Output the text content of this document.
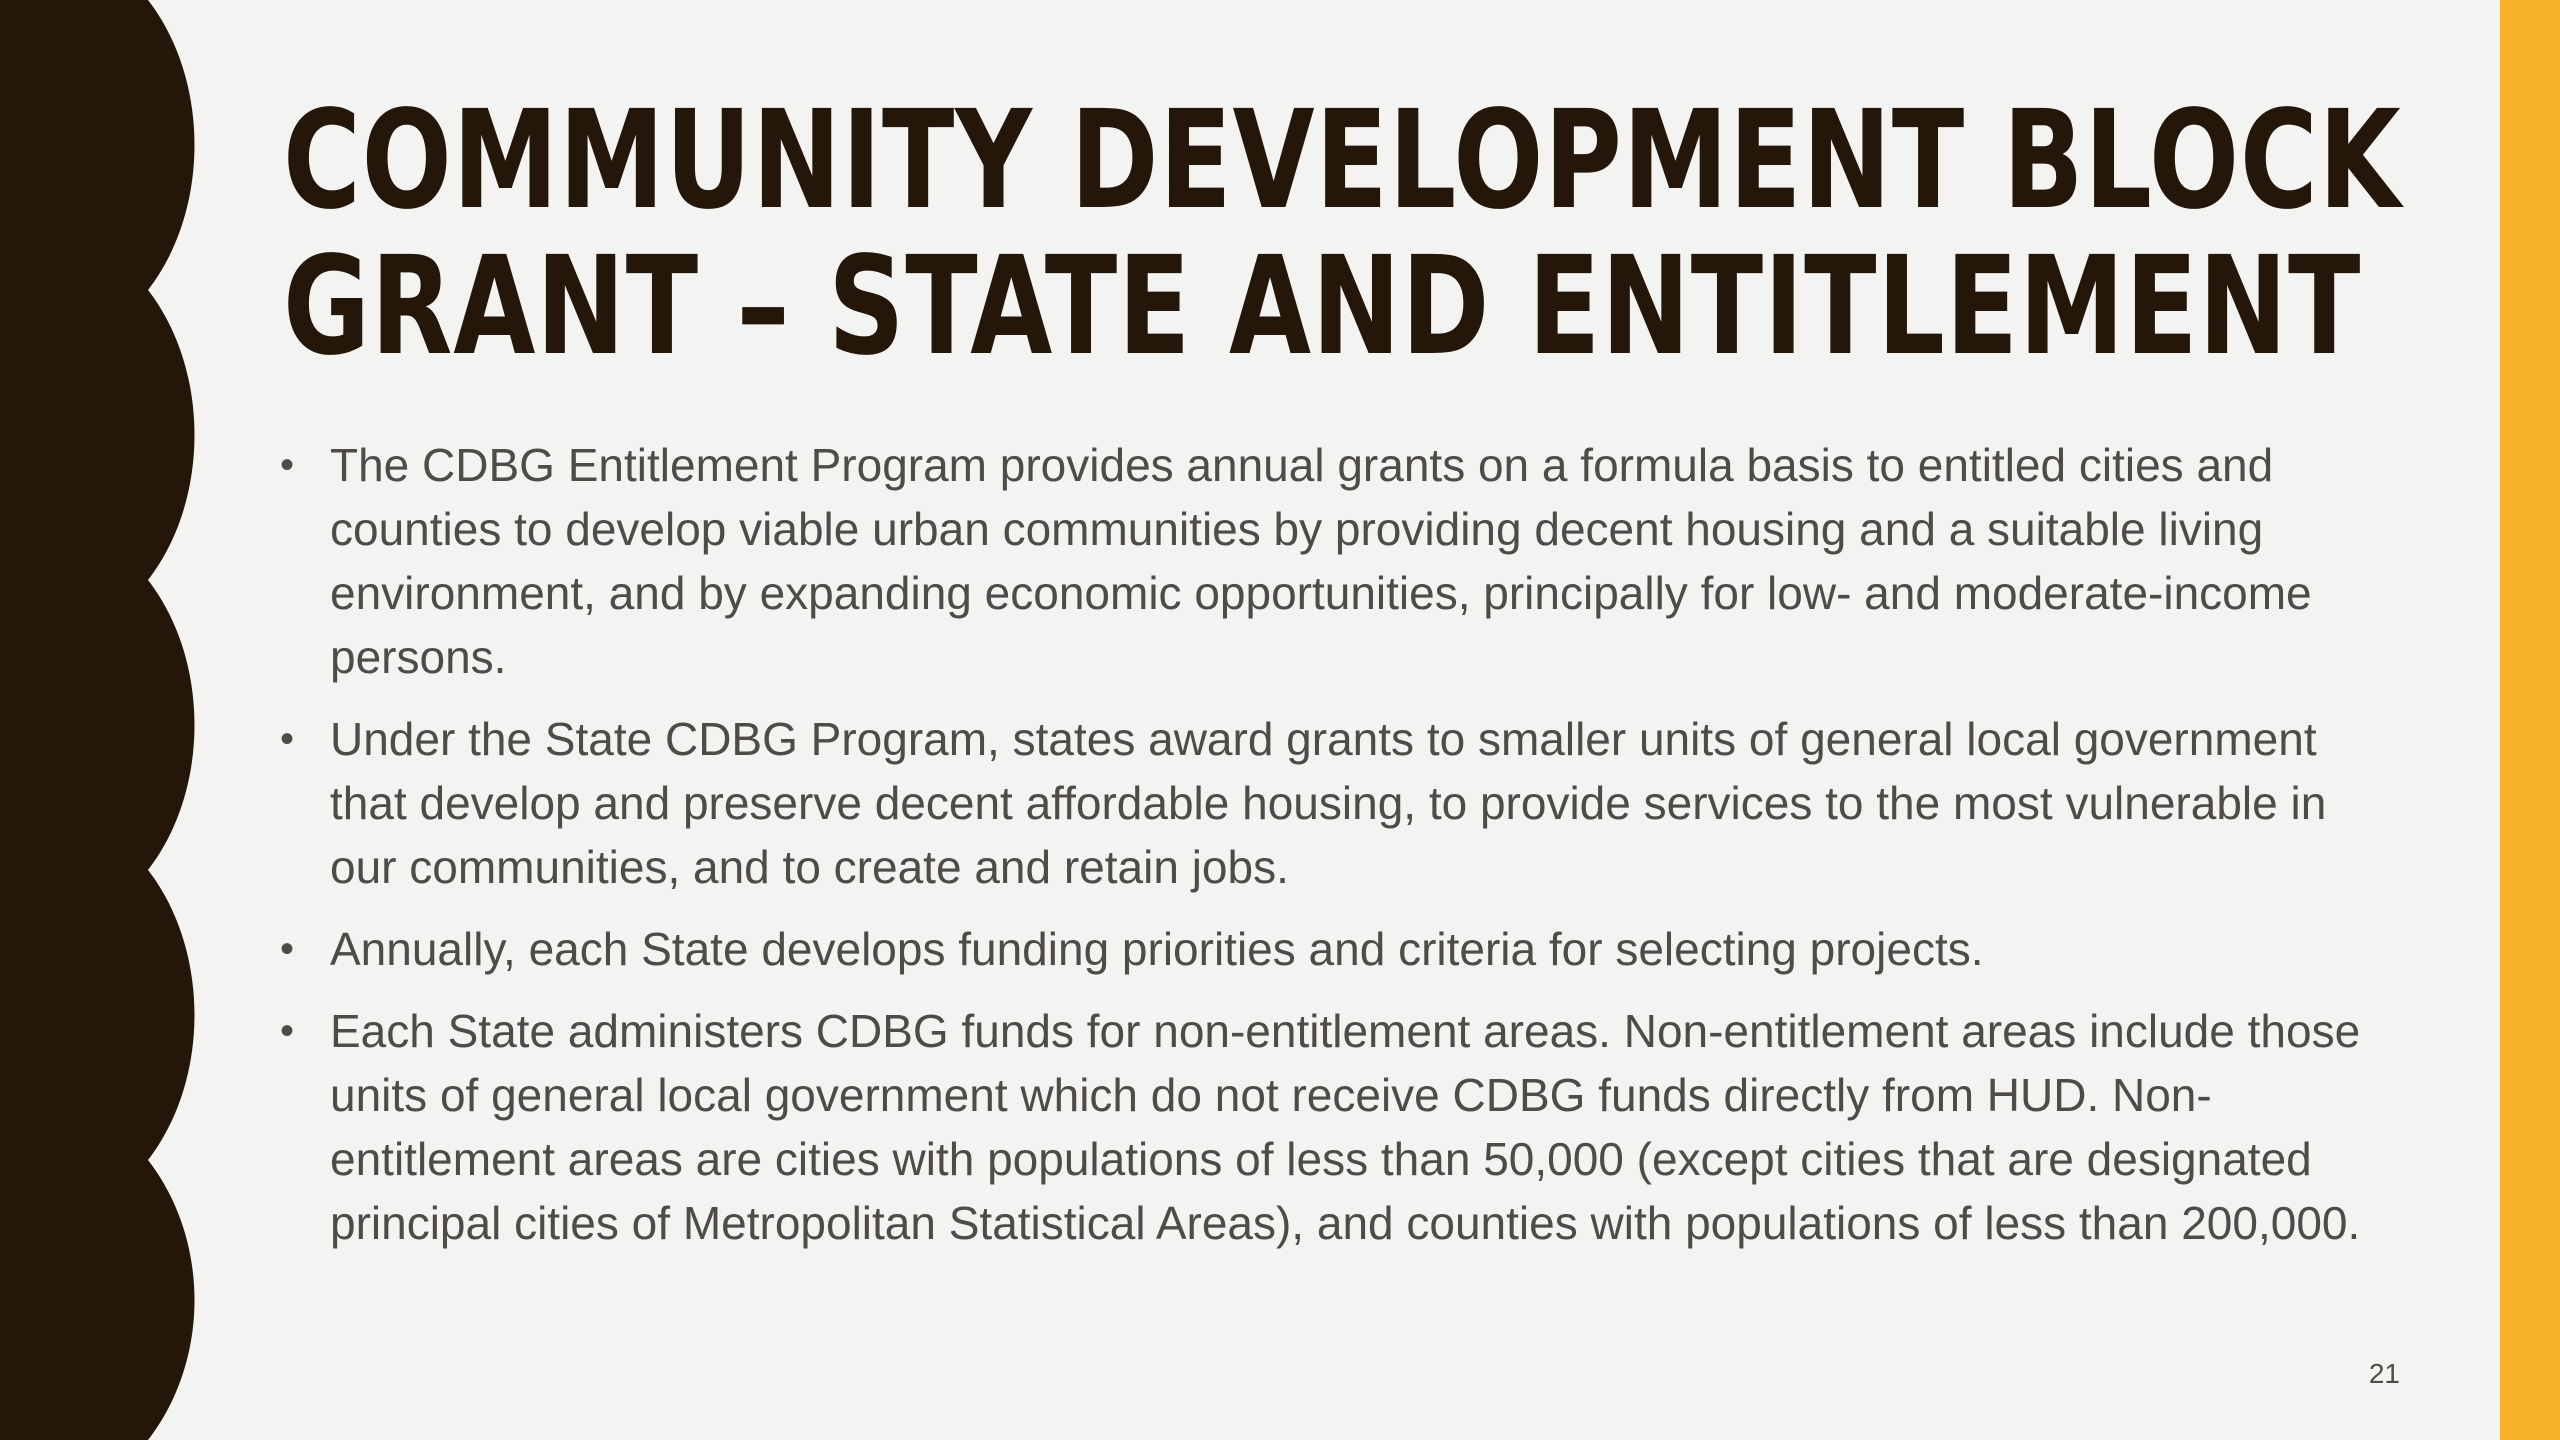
COMMUNITY DEVELOPMENT BLOCK
GRANT – STATE AND ENTITLEMENT
• The CDBG Entitlement Program provides annual grants on a formula basis to entitled cities and counties to develop viable urban communities by providing decent housing and a suitable living environment, and by expanding economic opportunities, principally for low- and moderate-income persons.
• Under the State CDBG Program, states award grants to smaller units of general local government that develop and preserve decent affordable housing, to provide services to the most vulnerable in our communities, and to create and retain jobs.
• Annually, each State develops funding priorities and criteria for selecting projects.
• Each State administers CDBG funds for non-entitlement areas. Non-entitlement areas include those units of general local government which do not receive CDBG funds directly from HUD. Non-entitlement areas are cities with populations of less than 50,000 (except cities that are designated principal cities of Metropolitan Statistical Areas), and counties with populations of less than 200,000.
21
